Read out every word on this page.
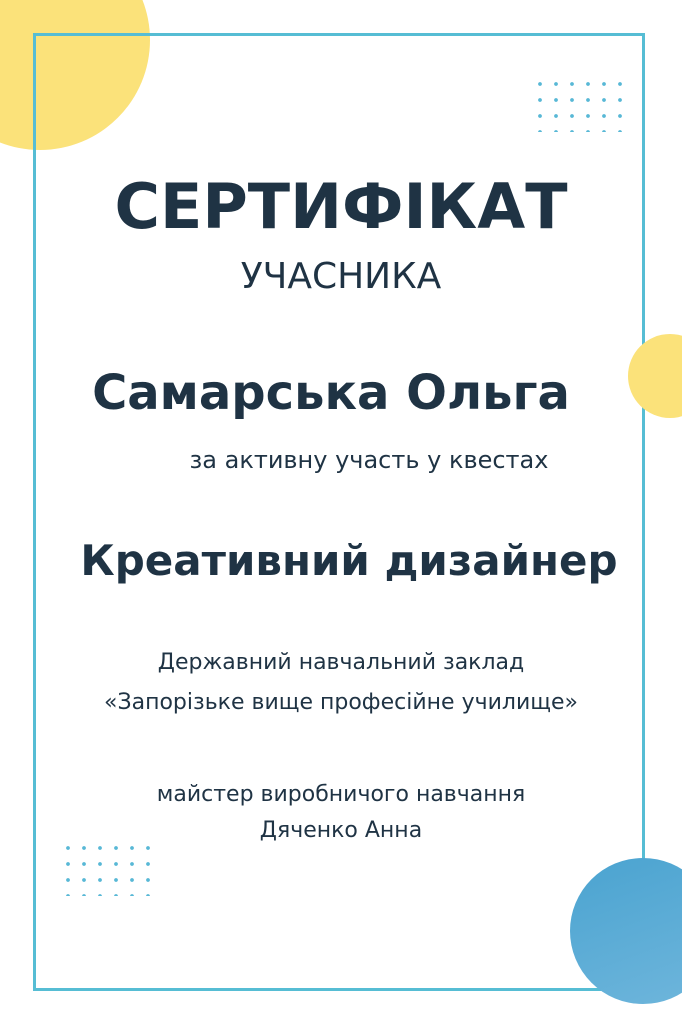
СЕРТИФІКАТ
УЧАСНИКА
Самарська Ольга
за активну участь у квестах
Креативний дизайнер
Державний навчальний заклад
«Запорізьке вище професійне училище»
майстер виробничого навчання
Дяченко Анна
